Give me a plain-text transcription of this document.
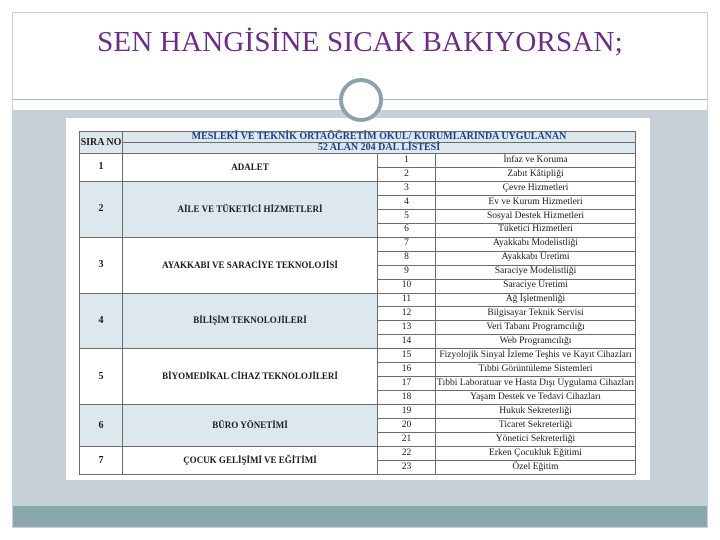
SEN HANGİSİNE SICAK BAKIYORSAN;
SIRA NO	MESLEKİ VE TEKNİK ORTAÖĞRETİM OKUL/ KURUMLARINDA UYGULANAN		
	52 ALAN 204 DAL LİSTESİ		
1	ADALET	1	İnfaz ve Koruma
		2	Zabıt Kâtipliği
2	AİLE VE TÜKETİCİ HİZMETLERİ	3	Çevre Hizmetleri
		4	Ev ve Kurum Hizmetleri
		5	Sosyal Destek Hizmetleri
		6	Tüketici Hizmetleri
3	AYAKKABI VE SARACİYE TEKNOLOJİSİ	7	Ayakkabı Modelistliği
		8	Ayakkabı Üretimi
		9	Saraciye Modelistliği
		10	Saraciye Üretimi
4	BİLİŞİM TEKNOLOJİLERİ	11	Ağ İşletmenliği
		12	Bilgisayar Teknik Servisi
		13	Veri Tabanı Programcılığı
		14	Web Programcılığı
5	BİYOMEDİKAL CİHAZ TEKNOLOJİLERİ	15	Fizyolojik Sinyal İzleme Teşhis ve Kayıt Cihazları
		16	Tıbbi Görüntüleme Sistemleri
		17	Tıbbi Laboratuar ve Hasta Dışı Uygulama Cihazları
		18	Yaşam Destek ve Tedavi Cihazları
6	BÜRO YÖNETİMİ	19	Hukuk Sekreterliği
		20	Ticaret Sekreterliği
		21	Yönetici Sekreterliği
7	ÇOCUK GELİŞİMİ VE EĞİTİMİ	22	Erken Çocukluk Eğitimi
		23	Özel Eğitim
